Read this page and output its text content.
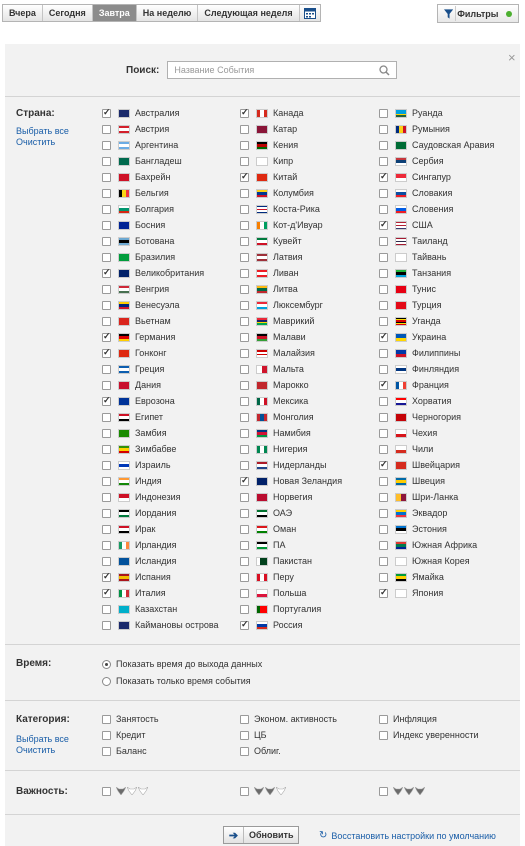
Вчера	Сегодня	Завтра	На неделю	Следующая неделя	Фильтры
×
Поиск: Название События
Страна:
Выбрать все
Очистить
✓
Австралия
Австрия
Аргентина
Бангладеш
Бахрейн
Бельгия
Болгария
Босния
Ботована
Бразилия
✓
Великобритания
Венгрия
Венесуэла
Вьетнам
✓
Германия
✓
Гонконг
Греция
Дания
✓
Еврозона
Египет
Замбия
Зимбабве
Израиль
Индия
Индонезия
Иордания
Ирак
Ирландия
Исландия
✓
Испания
✓
Италия
Казахстан
Каймановы острова
✓
Канада
Катар
Кения
Кипр
✓
Китай
Колумбия
Коста-Рика
Кот-д'Ивуар
Кувейт
Латвия
Ливан
Литва
Люксембург
Маврикий
Малави
Малайзия
Мальта
Марокко
Мексика
Монголия
Намибия
Нигерия
Нидерланды
✓
Новая Зеландия
Норвегия
ОАЭ
Оман
ПА
Пакистан
Перу
Польша
Португалия
✓
Россия
Руанда
Румыния
Саудовская Аравия
Сербия
✓
Сингапур
Словакия
Словения
✓
США
Таиланд
Тайвань
Танзания
Тунис
Турция
Уганда
✓
Украина
Филиппины
Финляндия
✓
Франция
Хорватия
Черногория
Чехия
Чили
✓
Швейцария
Швеция
Шри-Ланка
Эквадор
Эстония
Южная Африка
Южная Корея
Ямайка
✓
Япония
Время:	Показать время до выхода данных
Показать только время события
Категория:
Выбрать все
Очистить
Занятость
Кредит
Баланс
Эконом. активность
ЦБ
Облиг.
Инфляция
Индекс уверенности
Важность:
➔	Обновить	↻ Восстановить настройки по умолчанию
